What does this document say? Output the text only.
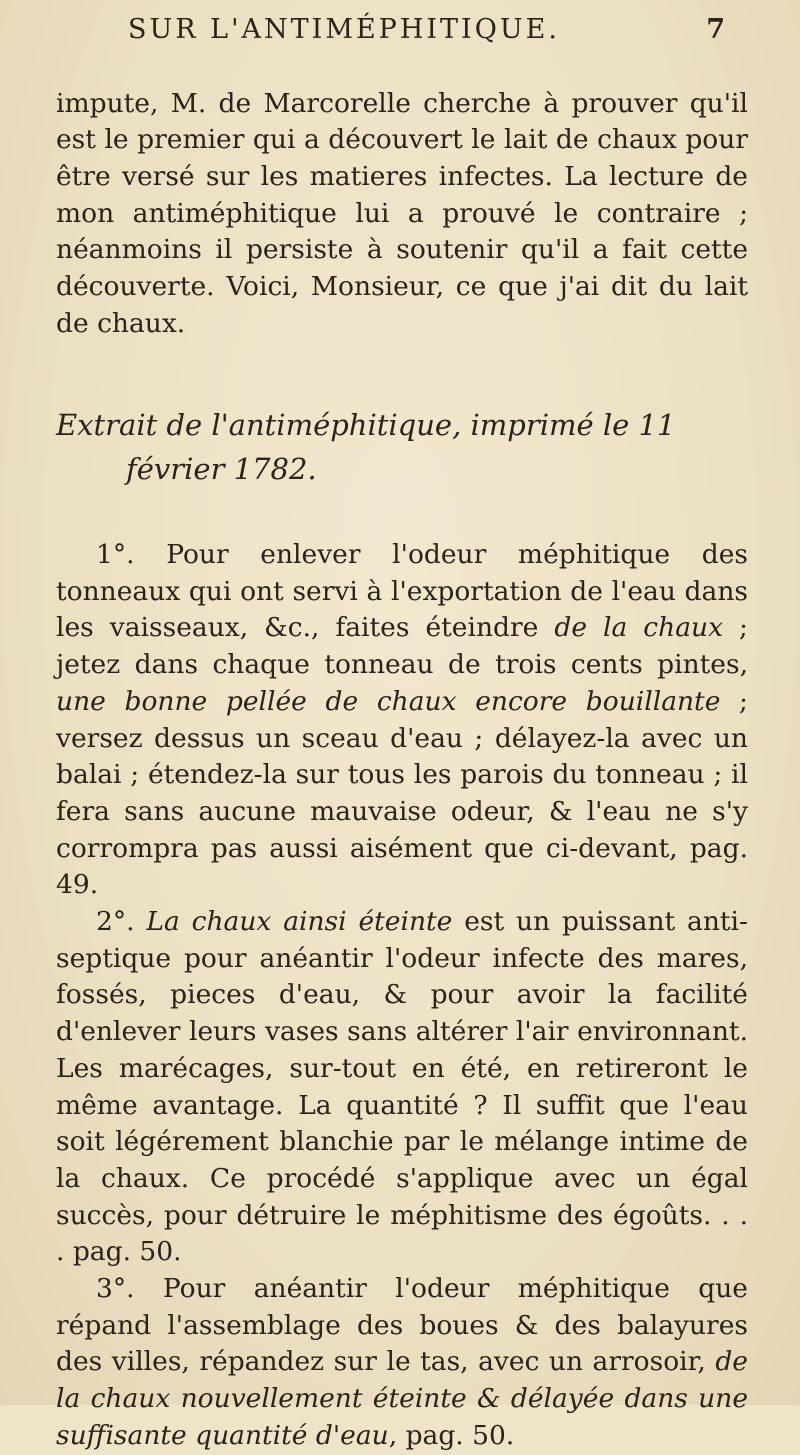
SUR L'ANTIMÉPHITIQUE.	7

impute, M. de Marcorelle cherche à prouver qu'il est le premier qui a découvert le lait de chaux pour être versé sur les matieres infectes. La lecture de mon antiméphitique lui a prouvé le contraire ; néanmoins il persiste à soutenir qu'il a fait cette découverte. Voici, Monsieur, ce que j'ai dit du lait de chaux.

Extrait de l'antiméphitique, imprimé le 11
février 1782.

1°. Pour enlever l'odeur méphitique des tonneaux qui ont servi à l'exportation de l'eau dans les vaisseaux, &c., faites éteindre de la chaux ; jetez dans chaque tonneau de trois cents pintes, une bonne pellée de chaux encore bouillante ; versez dessus un sceau d'eau ; délayez-la avec un balai ; étendez-la sur tous les parois du tonneau ; il fera sans aucune mauvaise odeur, & l'eau ne s'y corrompra pas aussi aisément que ci-devant, pag. 49.

2°. La chaux ainsi éteinte est un puissant anti-septique pour anéantir l'odeur infecte des mares, fossés, pieces d'eau, & pour avoir la facilité d'enlever leurs vases sans altérer l'air environnant. Les marécages, sur-tout en été, en retireront le même avantage. La quantité ? Il suffit que l'eau soit légérement blanchie par le mélange intime de la chaux. Ce procédé s'applique avec un égal succès, pour détruire le méphitisme des égoûts. . . . pag. 50.

3°. Pour anéantir l'odeur méphitique que répand l'assemblage des boues & des balayures des villes, répandez sur le tas, avec un arrosoir, de la chaux nouvellement éteinte & délayée dans une suffisante quantité d'eau, pag. 50.
